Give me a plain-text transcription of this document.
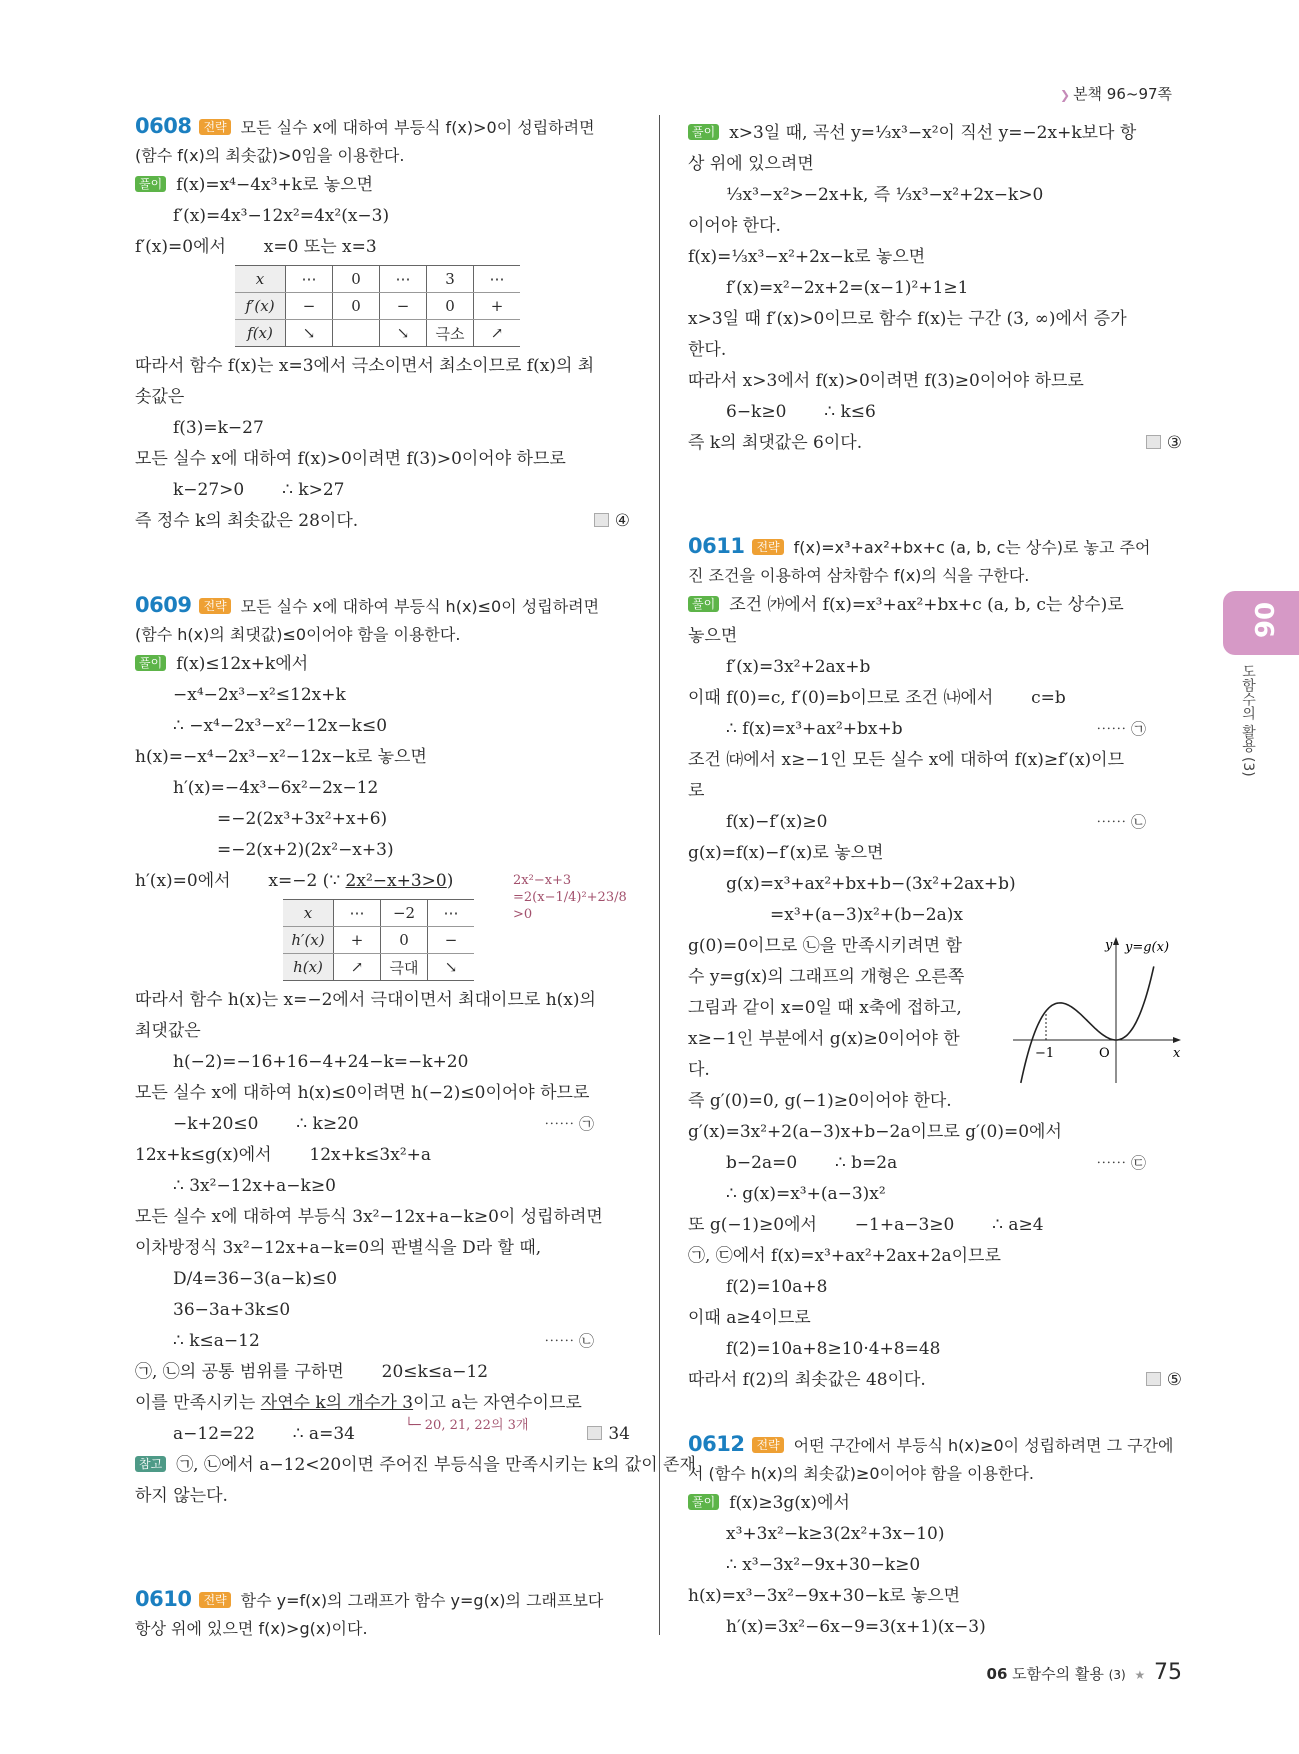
❯ 본책 96~97쪽
0608 전략 모든 실수 x에 대하여 부등식 f(x)>0이 성립하려면
(함수 f(x)의 최솟값)>0임을 이용한다.
풀이 f(x)=x⁴−4x³+k로 놓으면
f′(x)=4x³−12x²=4x²(x−3)
f′(x)=0에서       x=0 또는 x=3
x	⋯	0	⋯	3	⋯
f′(x)	−	0	−	0	+
f(x)	↘		↘	극소	↗
따라서 함수 f(x)는 x=3에서 극소이면서 최소이므로 f(x)의 최
솟값은
f(3)=k−27
모든 실수 x에 대하여 f(x)>0이려면 f(3)>0이어야 하므로
k−27>0       ∴ k>27
즉 정수 k의 최솟값은 28이다.	④
0609 전략 모든 실수 x에 대하여 부등식 h(x)≤0이 성립하려면
(함수 h(x)의 최댓값)≤0이어야 함을 이용한다.
풀이 f(x)≤12x+k에서
−x⁴−2x³−x²≤12x+k
∴ −x⁴−2x³−x²−12x−k≤0
h(x)=−x⁴−2x³−x²−12x−k로 놓으면
h′(x)=−4x³−6x²−2x−12
=−2(2x³+3x²+x+6)
=−2(x+2)(2x²−x+3)
h′(x)=0에서       x=−2 (∵ 2x²−x+3>0)	2x²−x+3
=2(x−1/4)²+23/8
>0
x	⋯	−2	⋯
h′(x)	+	0	−
h(x)	↗	극대	↘
따라서 함수 h(x)는 x=−2에서 극대이면서 최대이므로 h(x)의
최댓값은
h(−2)=−16+16−4+24−k=−k+20
모든 실수 x에 대하여 h(x)≤0이려면 h(−2)≤0이어야 하므로
−k+20≤0       ∴ k≥20	⋯⋯ ㉠
12x+k≤g(x)에서       12x+k≤3x²+a
∴ 3x²−12x+a−k≥0
모든 실수 x에 대하여 부등식 3x²−12x+a−k≥0이 성립하려면
이차방정식 3x²−12x+a−k=0의 판별식을 D라 할 때,
D/4=36−3(a−k)≤0
36−3a+3k≤0
∴ k≤a−12	⋯⋯ ㉡
㉠, ㉡의 공통 범위를 구하면       20≤k≤a−12
이를 만족시키는 자연수 k의 개수가 3이고 a는 자연수이므로
└─ 20, 21, 22의 3개
a−12=22       ∴ a=34	34
참고 ㉠, ㉡에서 a−12<20이면 주어진 부등식을 만족시키는 k의 값이 존재
하지 않는다.
0610 전략 함수 y=f(x)의 그래프가 함수 y=g(x)의 그래프보다
항상 위에 있으면 f(x)>g(x)이다.
풀이 x>3일 때, 곡선 y=⅓x³−x²이 직선 y=−2x+k보다 항
상 위에 있으려면
⅓x³−x²>−2x+k, 즉 ⅓x³−x²+2x−k>0
이어야 한다.
f(x)=⅓x³−x²+2x−k로 놓으면
f′(x)=x²−2x+2=(x−1)²+1≥1
x>3일 때 f′(x)>0이므로 함수 f(x)는 구간 (3, ∞)에서 증가
한다.
따라서 x>3에서 f(x)>0이려면 f(3)≥0이어야 하므로
6−k≥0       ∴ k≤6
즉 k의 최댓값은 6이다.	③
0611 전략 f(x)=x³+ax²+bx+c (a, b, c는 상수)로 놓고 주어
진 조건을 이용하여 삼차함수 f(x)의 식을 구한다.
풀이 조건 ㈎에서 f(x)=x³+ax²+bx+c (a, b, c는 상수)로
놓으면
f′(x)=3x²+2ax+b
이때 f(0)=c, f′(0)=b이므로 조건 ㈏에서       c=b
∴ f(x)=x³+ax²+bx+b	⋯⋯ ㉠
조건 ㈐에서 x≥−1인 모든 실수 x에 대하여 f(x)≥f′(x)이므
로
f(x)−f′(x)≥0	⋯⋯ ㉡
g(x)=f(x)−f′(x)로 놓으면
g(x)=x³+ax²+bx+b−(3x²+2ax+b)
=x³+(a−3)x²+(b−2a)x
g(0)=0이므로 ㉡을 만족시키려면 함
수 y=g(x)의 그래프의 개형은 오른쪽
그림과 같이 x=0일 때 x축에 접하고,
x≥−1인 부분에서 g(x)≥0이어야 한
다.
즉 g′(0)=0, g(−1)≥0이어야 한다.
g′(x)=3x²+2(a−3)x+b−2a이므로 g′(0)=0에서
b−2a=0       ∴ b=2a	⋯⋯ ㉢
∴ g(x)=x³+(a−3)x²
또 g(−1)≥0에서       −1+a−3≥0       ∴ a≥4
㉠, ㉢에서 f(x)=x³+ax²+2ax+2a이므로
f(2)=10a+8
이때 a≥4이므로
f(2)=10a+8≥10·4+8=48
따라서 f(2)의 최솟값은 48이다.	⑤
0612 전략 어떤 구간에서 부등식 h(x)≥0이 성립하려면 그 구간에
서 (함수 h(x)의 최솟값)≥0이어야 함을 이용한다.
풀이 f(x)≥3g(x)에서
x³+3x²−k≥3(2x²+3x−10)
∴ x³−3x²−9x+30−k≥0
h(x)=x³−3x²−9x+30−k로 놓으면
h′(x)=3x²−6x−9=3(x+1)(x−3)
y y=g(x)
x
O
−1
06
도함수의 활용 (3)
06 도함수의 활용 (3) ★ 75
